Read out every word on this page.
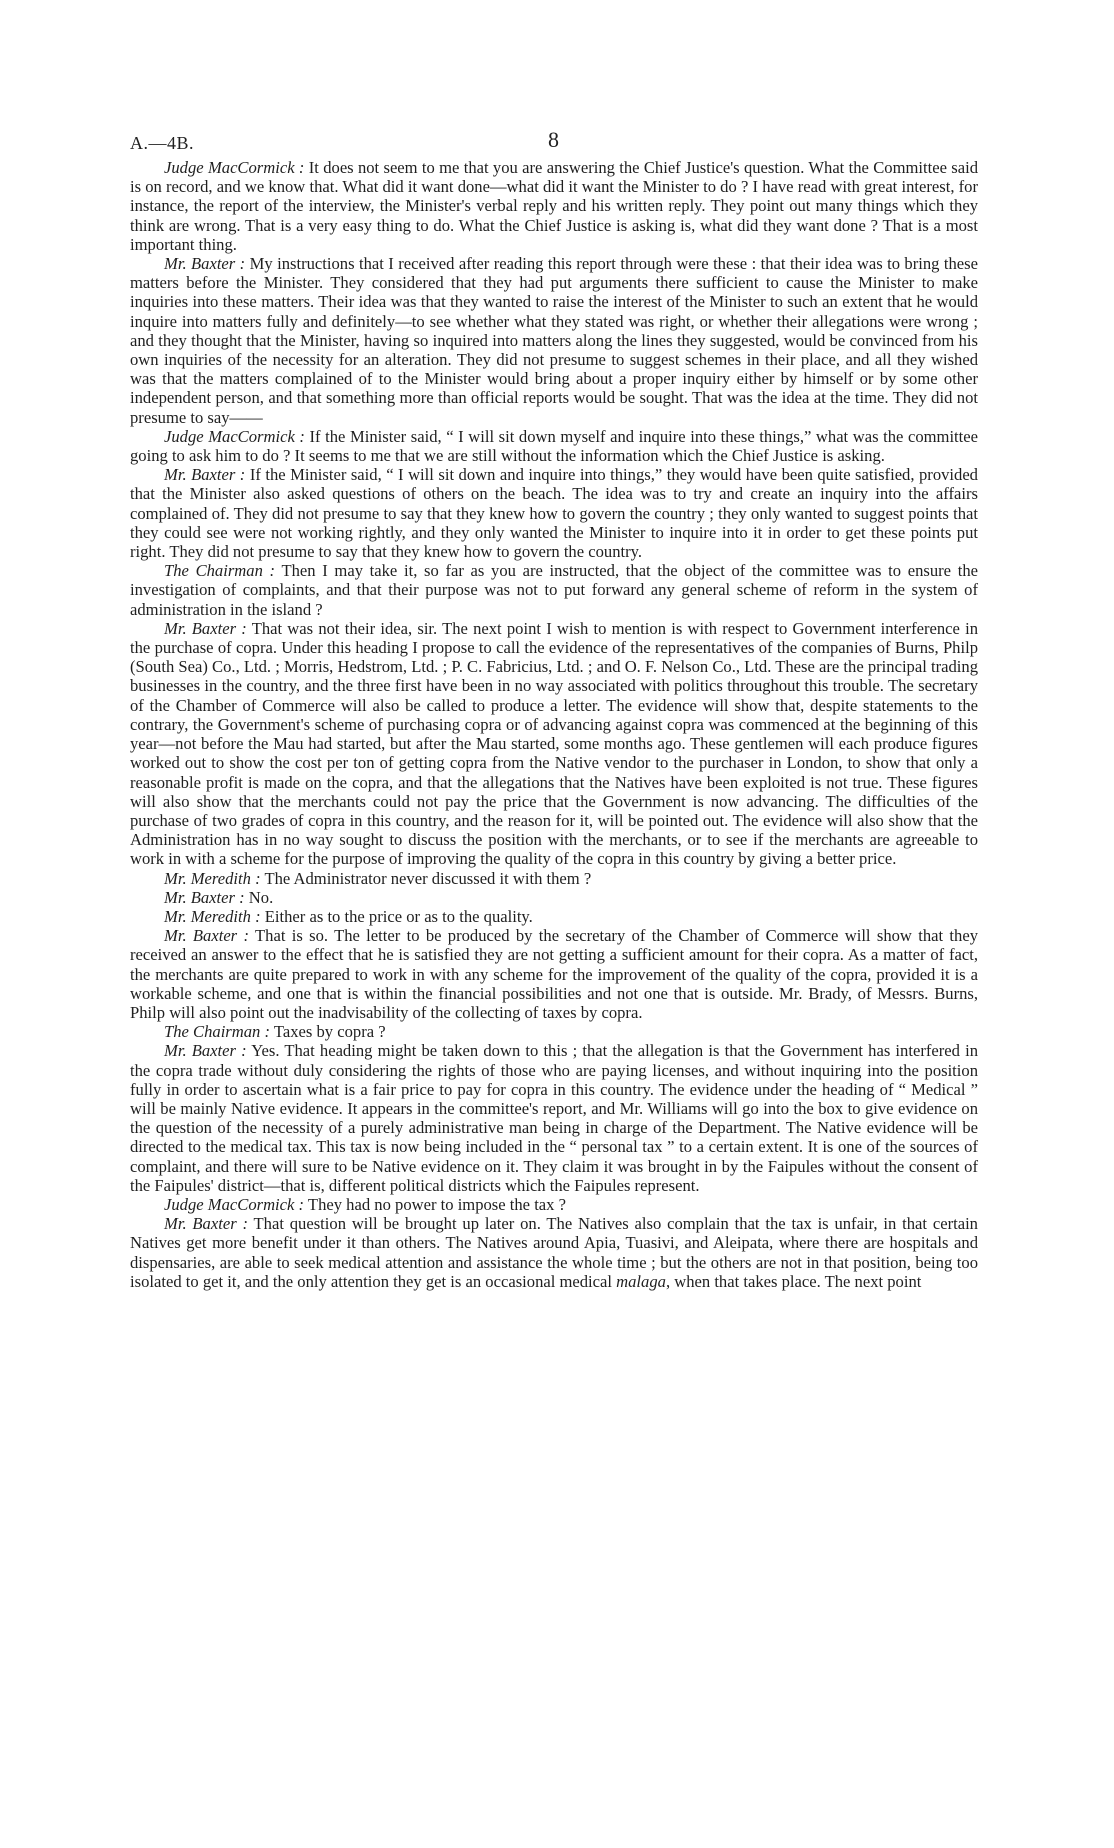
A.—4B.	8

Judge MacCormick : It does not seem to me that you are answering the Chief Justice's question. What the Committee said is on record, and we know that. What did it want done—what did it want the Minister to do ? I have read with great interest, for instance, the report of the interview, the Minister's verbal reply and his written reply. They point out many things which they think are wrong. That is a very easy thing to do. What the Chief Justice is asking is, what did they want done ? That is a most important thing.

Mr. Baxter : My instructions that I received after reading this report through were these : that their idea was to bring these matters before the Minister. They considered that they had put arguments there sufficient to cause the Minister to make inquiries into these matters. Their idea was that they wanted to raise the interest of the Minister to such an extent that he would inquire into matters fully and definitely—to see whether what they stated was right, or whether their allegations were wrong ; and they thought that the Minister, having so inquired into matters along the lines they suggested, would be convinced from his own inquiries of the necessity for an alteration. They did not presume to suggest schemes in their place, and all they wished was that the matters complained of to the Minister would bring about a proper inquiry either by himself or by some other independent person, and that something more than official reports would be sought. That was the idea at the time. They did not presume to say——

Judge MacCormick : If the Minister said, “ I will sit down myself and inquire into these things,” what was the committee going to ask him to do ? It seems to me that we are still without the information which the Chief Justice is asking.

Mr. Baxter : If the Minister said, “ I will sit down and inquire into things,” they would have been quite satisfied, provided that the Minister also asked questions of others on the beach. The idea was to try and create an inquiry into the affairs complained of. They did not presume to say that they knew how to govern the country ; they only wanted to suggest points that they could see were not working rightly, and they only wanted the Minister to inquire into it in order to get these points put right. They did not presume to say that they knew how to govern the country.

The Chairman : Then I may take it, so far as you are instructed, that the object of the committee was to ensure the investigation of complaints, and that their purpose was not to put forward any general scheme of reform in the system of administration in the island ?

Mr. Baxter : That was not their idea, sir. The next point I wish to mention is with respect to Government interference in the purchase of copra. Under this heading I propose to call the evidence of the representatives of the companies of Burns, Philp (South Sea) Co., Ltd. ; Morris, Hedstrom, Ltd. ; P. C. Fabricius, Ltd. ; and O. F. Nelson Co., Ltd. These are the principal trading businesses in the country, and the three first have been in no way associated with politics throughout this trouble. The secretary of the Chamber of Commerce will also be called to produce a letter. The evidence will show that, despite statements to the contrary, the Government's scheme of purchasing copra or of advancing against copra was commenced at the beginning of this year—not before the Mau had started, but after the Mau started, some months ago. These gentlemen will each produce figures worked out to show the cost per ton of getting copra from the Native vendor to the purchaser in London, to show that only a reasonable profit is made on the copra, and that the allegations that the Natives have been exploited is not true. These figures will also show that the merchants could not pay the price that the Government is now advancing. The difficulties of the purchase of two grades of copra in this country, and the reason for it, will be pointed out. The evidence will also show that the Administration has in no way sought to discuss the position with the merchants, or to see if the merchants are agreeable to work in with a scheme for the purpose of improving the quality of the copra in this country by giving a better price.

Mr. Meredith : The Administrator never discussed it with them ?

Mr. Baxter : No.

Mr. Meredith : Either as to the price or as to the quality.

Mr. Baxter : That is so. The letter to be produced by the secretary of the Chamber of Commerce will show that they received an answer to the effect that he is satisfied they are not getting a sufficient amount for their copra. As a matter of fact, the merchants are quite prepared to work in with any scheme for the improvement of the quality of the copra, provided it is a workable scheme, and one that is within the financial possibilities and not one that is outside. Mr. Brady, of Messrs. Burns, Philp will also point out the inadvisability of the collecting of taxes by copra.

The Chairman : Taxes by copra ?

Mr. Baxter : Yes. That heading might be taken down to this ; that the allegation is that the Government has interfered in the copra trade without duly considering the rights of those who are paying licenses, and without inquiring into the position fully in order to ascertain what is a fair price to pay for copra in this country. The evidence under the heading of “ Medical ” will be mainly Native evidence. It appears in the committee's report, and Mr. Williams will go into the box to give evidence on the question of the necessity of a purely administrative man being in charge of the Department. The Native evidence will be directed to the medical tax. This tax is now being included in the “ personal tax ” to a certain extent. It is one of the sources of complaint, and there will sure to be Native evidence on it. They claim it was brought in by the Faipules without the consent of the Faipules' district—that is, different political districts which the Faipules represent.

Judge MacCormick : They had no power to impose the tax ?

Mr. Baxter : That question will be brought up later on. The Natives also complain that the tax is unfair, in that certain Natives get more benefit under it than others. The Natives around Apia, Tuasivi, and Aleipata, where there are hospitals and dispensaries, are able to seek medical attention and assistance the whole time ; but the others are not in that position, being too isolated to get it, and the only attention they get is an occasional medical malaga, when that takes place. The next point
